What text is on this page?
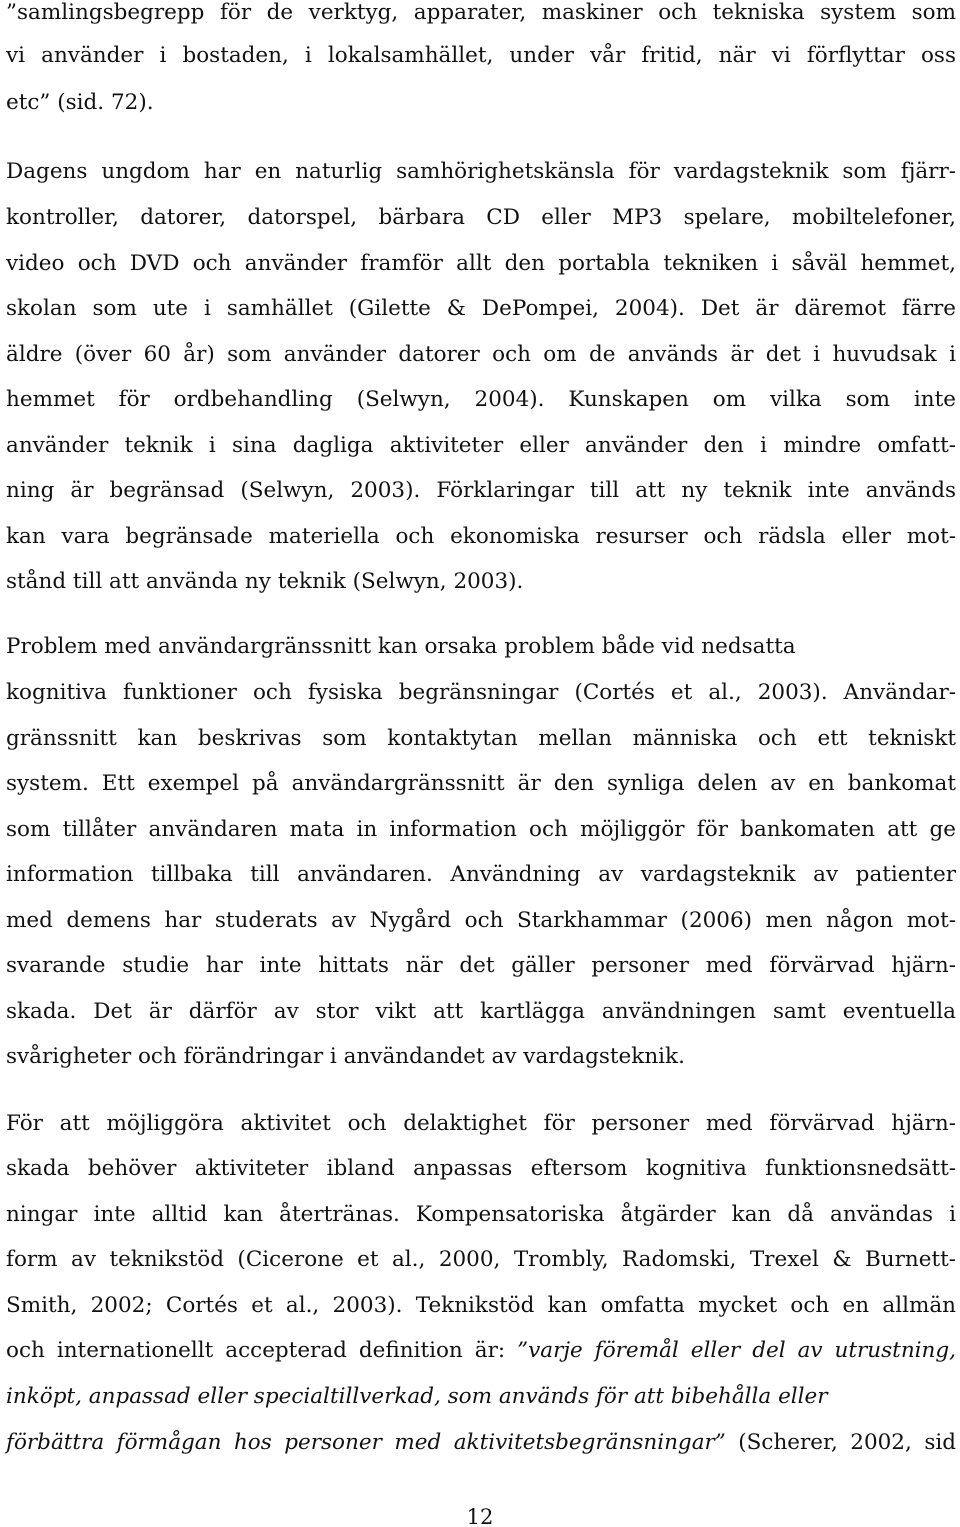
”samlingsbegrepp för de verktyg, apparater, maskiner och tekniska system som

vi använder i bostaden, i lokalsamhället, under vår fritid, när vi förflyttar oss

etc” (sid. 72).

Dagens ungdom har en naturlig samhörighetskänsla för vardagsteknik som fjärr-

kontroller, datorer, datorspel, bärbara CD eller MP3 spelare, mobiltelefoner,

video och DVD och använder framför allt den portabla tekniken i såväl hemmet,

skolan som ute i samhället (Gilette & DePompei, 2004). Det är däremot färre

äldre (över 60 år) som använder datorer och om de används är det i huvudsak i

hemmet för ordbehandling (Selwyn, 2004). Kunskapen om vilka som inte

använder teknik i sina dagliga aktiviteter eller använder den i mindre omfatt-

ning är begränsad (Selwyn, 2003). Förklaringar till att ny teknik inte används

kan vara begränsade materiella och ekonomiska resurser och rädsla eller mot-

stånd till att använda ny teknik (Selwyn, 2003).

Problem med användargränssnitt kan orsaka problem både vid nedsatta

kognitiva funktioner och fysiska begränsningar (Cortés et al., 2003). Användar-

gränssnitt kan beskrivas som kontaktytan mellan människa och ett tekniskt

system. Ett exempel på användargränssnitt är den synliga delen av en bankomat

som tillåter användaren mata in information och möjliggör för bankomaten att ge

information tillbaka till användaren. Användning av vardagsteknik av patienter

med demens har studerats av Nygård och Starkhammar (2006) men någon mot-

svarande studie har inte hittats när det gäller personer med förvärvad hjärn-

skada. Det är därför av stor vikt att kartlägga användningen samt eventuella

svårigheter och förändringar i användandet av vardagsteknik.

För att möjliggöra aktivitet och delaktighet för personer med förvärvad hjärn-

skada behöver aktiviteter ibland anpassas eftersom kognitiva funktionsnedsätt-

ningar inte alltid kan återtränas. Kompensatoriska åtgärder kan då användas i

form av teknikstöd (Cicerone et al., 2000, Trombly, Radomski, Trexel & Burnett-

Smith, 2002; Cortés et al., 2003). Teknikstöd kan omfatta mycket och en allmän

och internationellt accepterad definition är: ”varje föremål eller del av utrustning,

inköpt, anpassad eller specialtillverkad, som används för att bibehålla eller

förbättra förmågan hos personer med aktivitetsbegränsningar” (Scherer, 2002, sid

12
